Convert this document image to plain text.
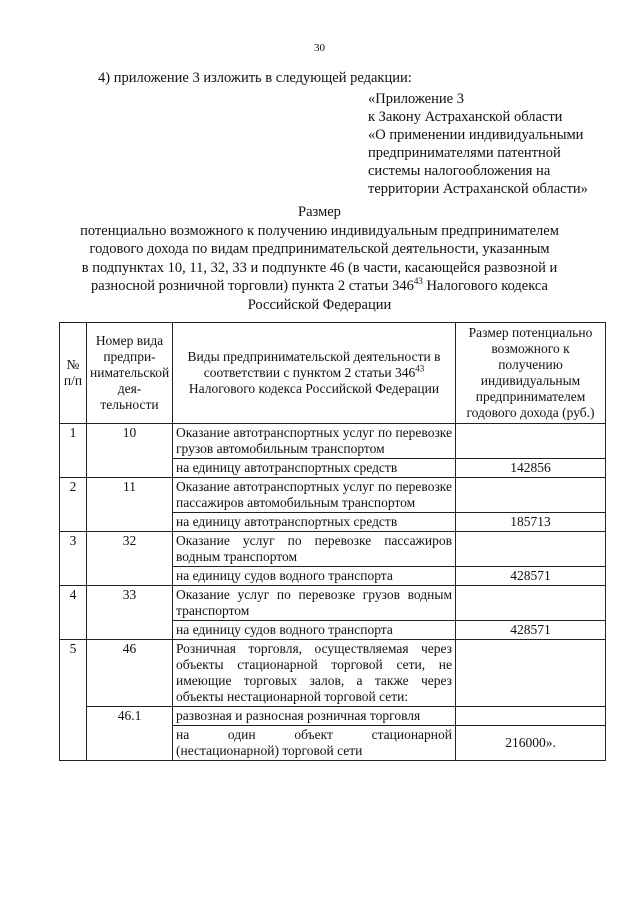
30
4) приложение 3 изложить в следующей редакции:
«Приложение 3
к Закону Астраханской области
«О применении индивидуальными
предпринимателями патентной
системы налогообложения на
территории Астраханской области»
Размер
потенциально возможного к получению индивидуальным предпринимателем
годового дохода по видам предпринимательской деятельности, указанным
в подпунктах 10, 11, 32, 33 и подпункте 46 (в части, касающейся развозной и
разносной розничной торговли) пункта 2 статьи $346^{43}$ Налогового кодекса
Российской Федерации
№ п/п	Номер вида предпри-нимательской дея-тельности	Виды предпринимательской деятельности в соответствии с пунктом 2 статьи $346^{43}$ Налогового кодекса Российской Федерации	Размер потенциально возможного к получению индивидуальным предпринимателем годового дохода (руб.)
1	10	Оказание автотранспортных услуг по перевозке грузов автомобильным транспортом	
		на единицу автотранспортных средств	142856
2	11	Оказание автотранспортных услуг по перевозке пассажиров автомобильным транспортом	
		на единицу автотранспортных средств	185713
3	32	Оказание услуг по перевозке пассажиров водным транспортом	
		на единицу судов водного транспорта	428571
4	33	Оказание услуг по перевозке грузов водным транспортом	
		на единицу судов водного транспорта	428571
5	46	Розничная торговля, осуществляемая через объекты стационарной торговой сети, не имеющие торговых залов, а также через объекты нестационарной торговой сети:	
	46.1	развозная и разносная розничная торговля	
		на один объект стационарной (нестационарной) торговой сети	216000».
